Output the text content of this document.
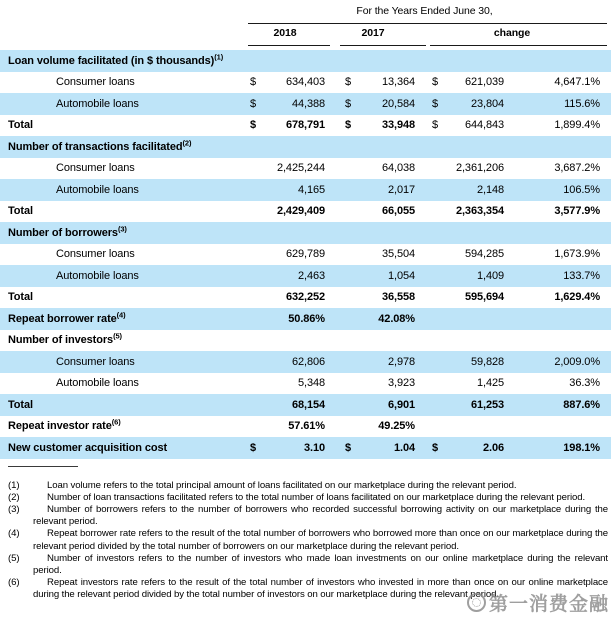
For the Years Ended June 30,
2018	2017	change
Loan volume facilitated (in $ thousands)$^{(1)}$
Consumer loans	$	634,403 $	13,364 $ 621,039	4,647.1%
Automobile loans	$	44,388 $	20,584 $	23,804	115.6%
Total	$	678,791 $	33,948 $ 644,843	1,899.4%
Number of transactions facilitated$^{(2)}$
Consumer loans	2,425,244	64,038	2,361,206	3,687.2%
Automobile loans	4,165	2,017	2,148	106.5%
Total	2,429,409	66,055	2,363,354	3,577.9%
Number of borrowers$^{(3)}$
Consumer loans	629,789	35,504	594,285	1,673.9%
Automobile loans	2,463	1,054	1,409	133.7%
Total	632,252	36,558	595,694	1,629.4%
Repeat borrower rate$^{(4)}$	50.86%	42.08%
Number of investors$^{(5)}$
Consumer loans	62,806	2,978	59,828	2,009.0%
Automobile loans	5,348	3,923	1,425	36.3%
Total	68,154	6,901	61,253	887.6%
Repeat investor rate$^{(6)}$	57.61%	49.25%
New customer acquisition cost	$	3.10 $	1.04 $	2.06	198.1%
(1)	Loan volume refers to the total principal amount of loans facilitated on our marketplace during the relevant period.
(2)	Number of loan transactions facilitated refers to the total number of loans facilitated on our marketplace during the relevant period.
(3)	Number of borrowers refers to the number of borrowers who recorded successful borrowing activity on our marketplace during the relevant period.
(4)	Repeat borrower rate refers to the result of the total number of borrowers who borrowed more than once on our marketplace during the relevant period divided by the total number of borrowers on our marketplace during the relevant period.
(5)	Number of investors refers to the number of investors who made loan investments on our online marketplace during the relevant period.
(6)	Repeat investors rate refers to the result of the total number of investors who invested in more than once on our online marketplace during the relevant period divided by the total number of investors on our marketplace during the relevant period.
第一消费金融
